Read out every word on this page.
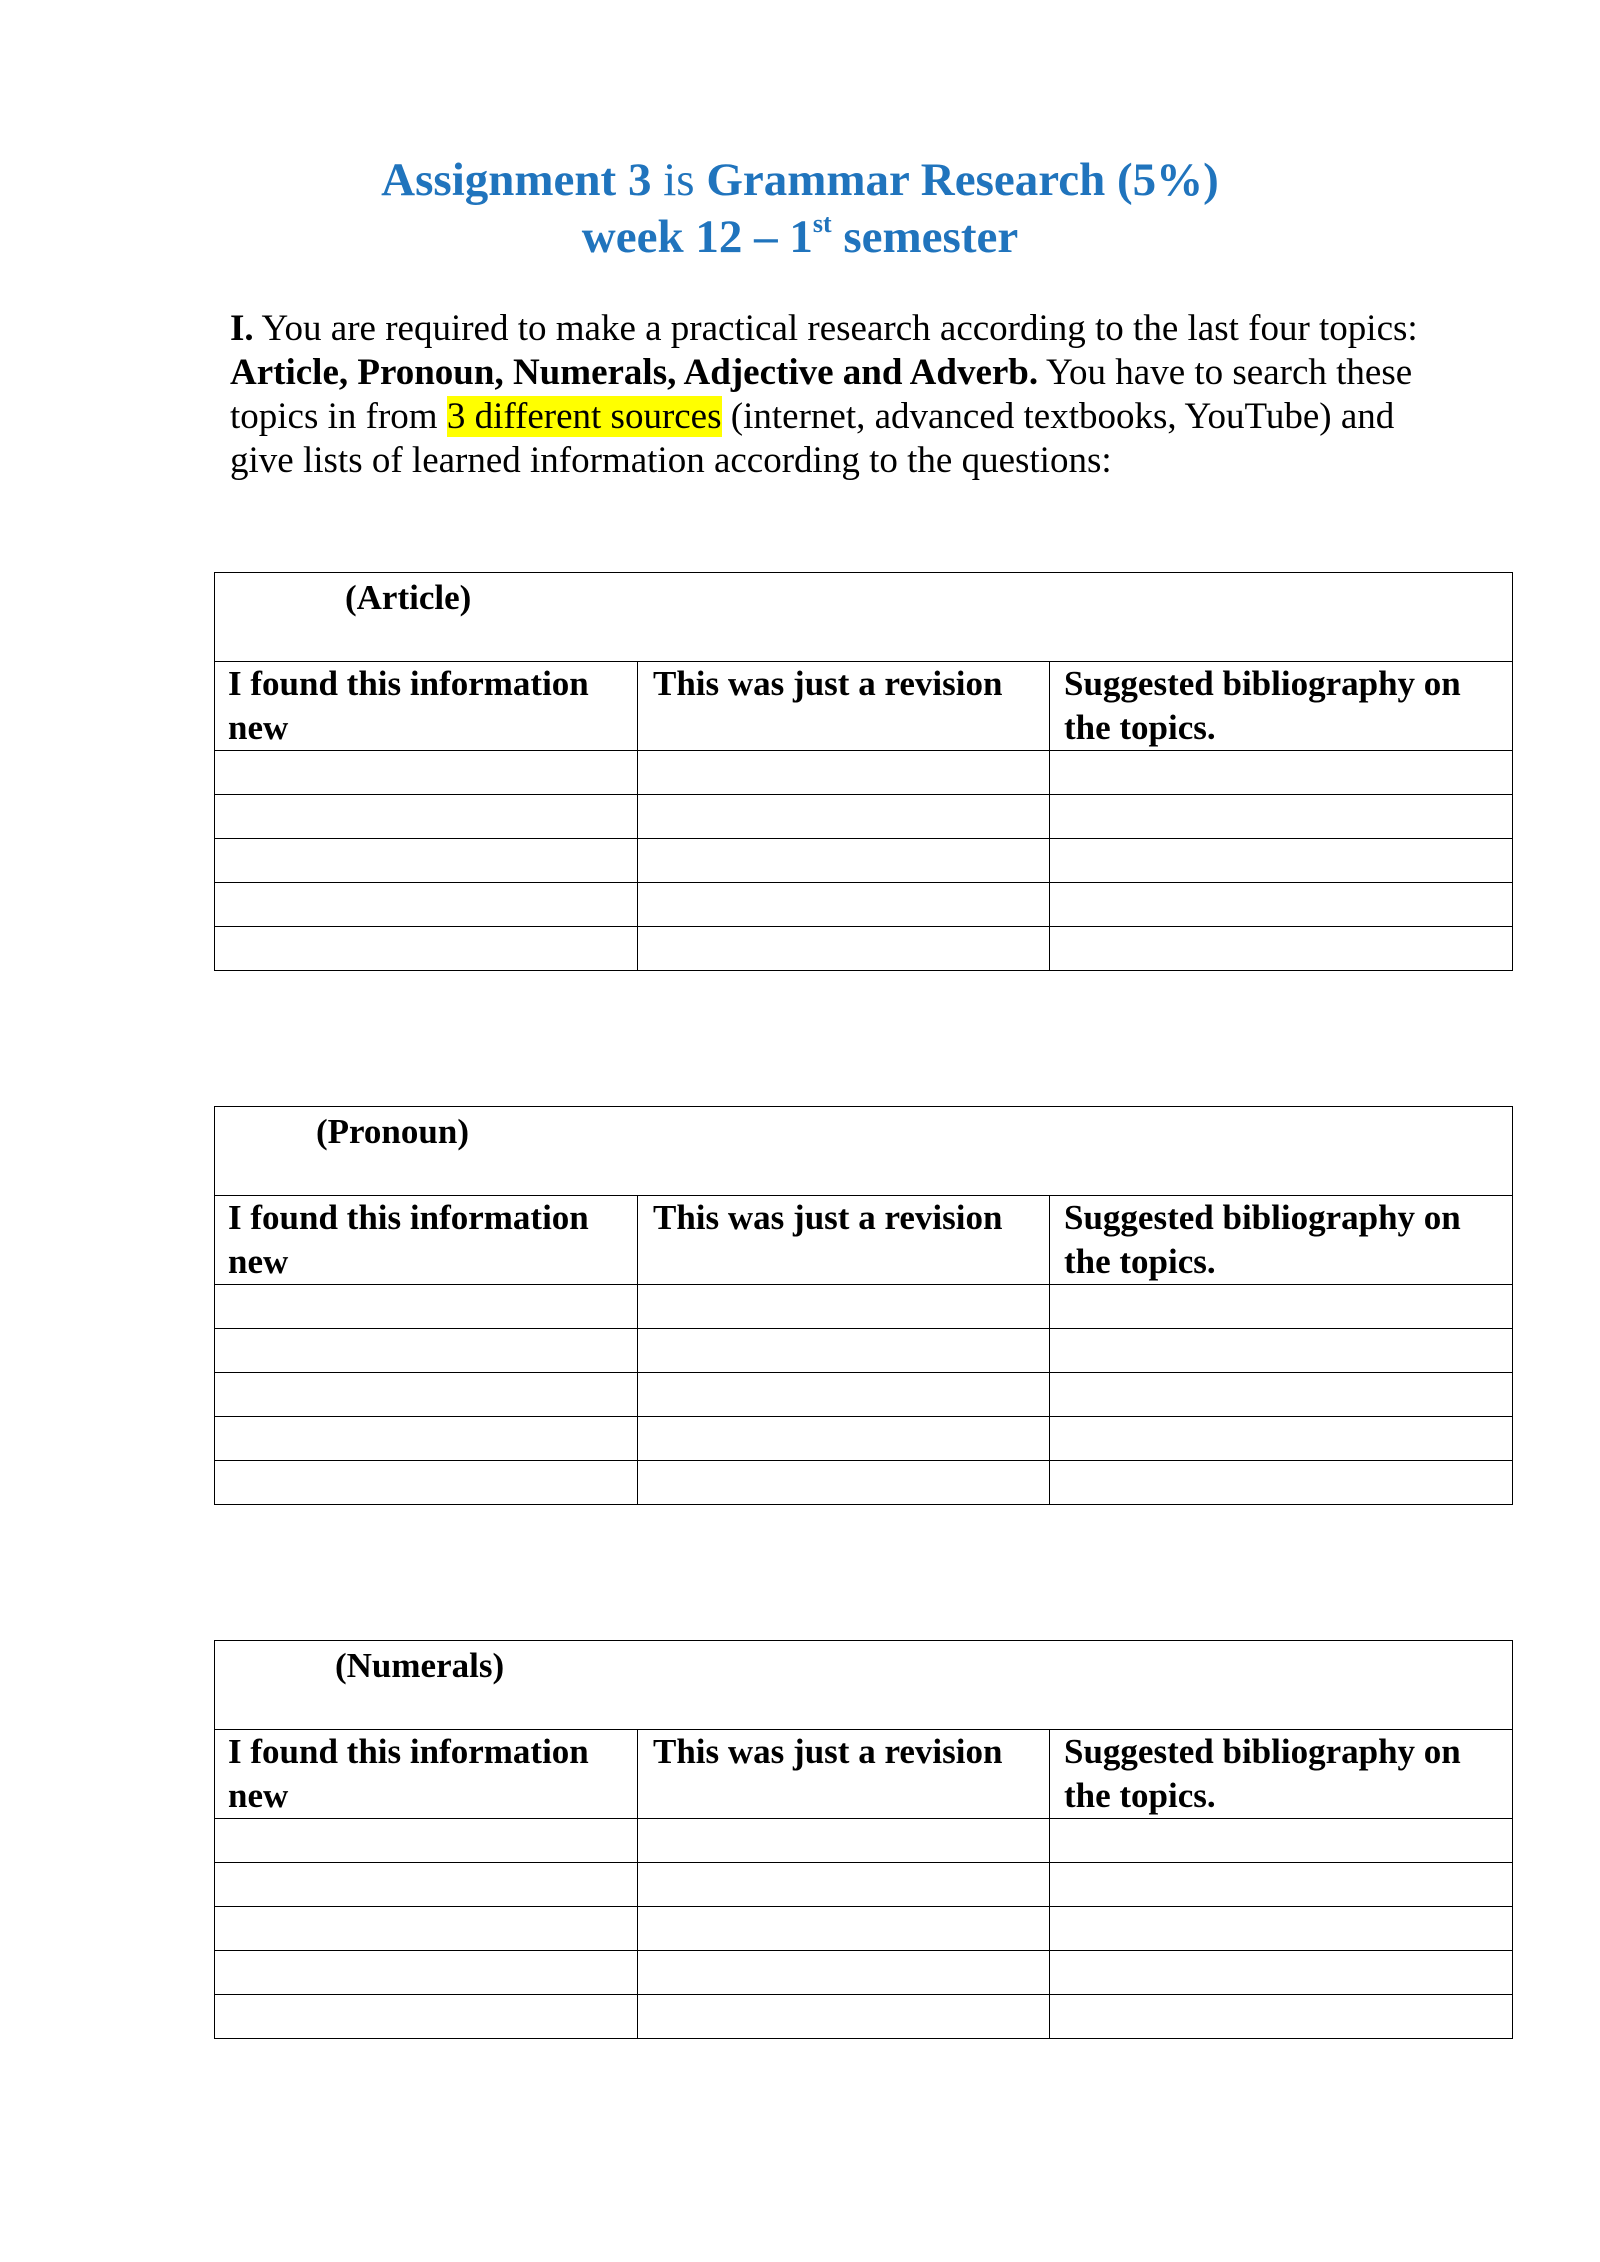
Assignment 3 is Grammar Research (5%)
week 12 – 1st semester
I. You are required to make a practical research according to the last four topics: Article, Pronoun, Numerals, Adjective and Adverb. You have to search these topics in from 3 different sources (internet, advanced textbooks, YouTube) and give lists of learned information according to the questions:
(Article)		

I found this information new	This was just a revision	Suggested bibliography on the topics.

(Pronoun)		

I found this information new	This was just a revision	Suggested bibliography on the topics.

(Numerals)		

I found this information new	This was just a revision	Suggested bibliography on the topics.
